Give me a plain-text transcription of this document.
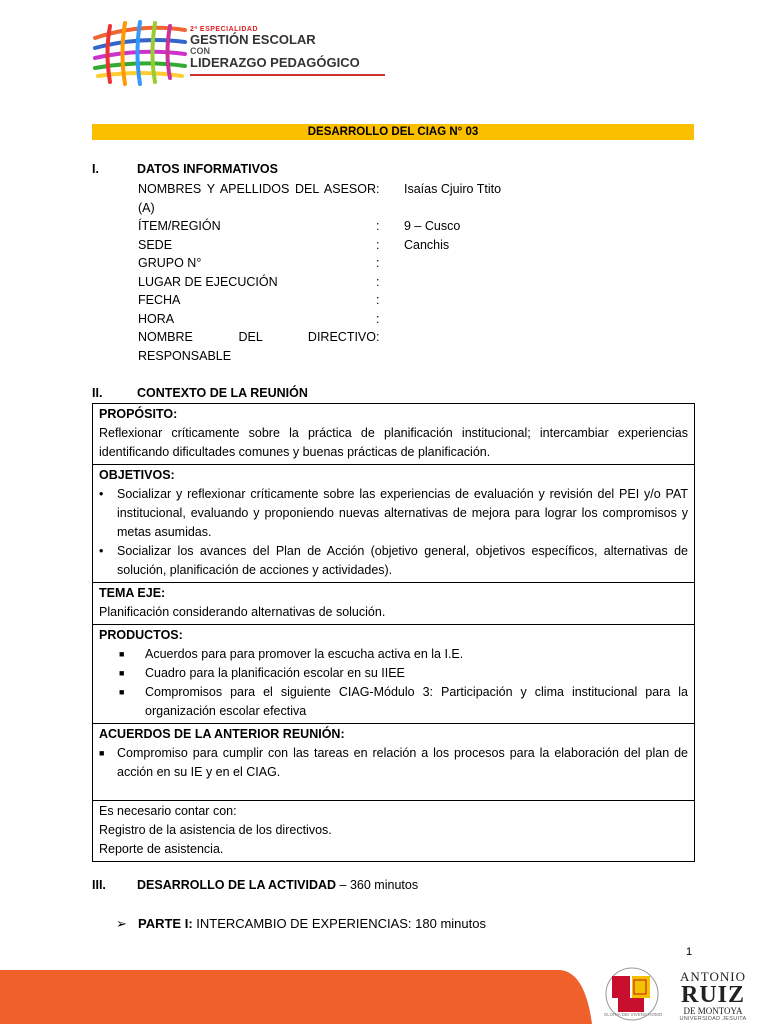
2ª ESPECIALIDAD
GESTIÓN ESCOLAR
CON
LIDERAZGO PEDAGÓGICO
DESARROLLO DEL CIAG N° 03
I.	DATOS INFORMATIVOS
NOMBRES Y APELLIDOS DEL ASESOR (A)
:	Isaías Cjuiro Ttito
ÍTEM/REGIÓN	:	9 – Cusco
SEDE	:	Canchis
GRUPO N°	:
LUGAR DE EJECUCIÓN	:
FECHA	:
HORA	:
NOMBRE DEL DIRECTIVO RESPONSABLE
:
II.	CONTEXTO DE LA REUNIÓN
PROPÓSITO:
Reflexionar críticamente sobre la práctica de planificación institucional; intercambiar experiencias identificando dificultades comunes y buenas prácticas de planificación.
OBJETIVOS:
•	Socializar y reflexionar críticamente sobre las experiencias de evaluación y revisión del PEI y/o PAT institucional, evaluando y proponiendo nuevas alternativas de mejora para lograr los compromisos y metas asumidas.
•	Socializar los avances del Plan de Acción (objetivo general, objetivos específicos, alternativas de solución, planificación de acciones y actividades).
TEMA EJE:
Planificación considerando alternativas de solución.
PRODUCTOS:
■	Acuerdos para para promover la escucha activa en la I.E.
■	Cuadro para la planificación escolar en su IIEE
■	Compromisos para el siguiente CIAG-Módulo 3: Participación y clima institucional para la organización escolar efectiva
ACUERDOS DE LA ANTERIOR REUNIÓN:
■	Compromiso para cumplir con las tareas en relación a los procesos para la elaboración del plan de acción en su IE y en el CIAG.
Es necesario contar con:
Registro de la asistencia de los directivos.
Reporte de asistencia.
III. DESARROLLO DE LA ACTIVIDAD – 360 minutos
➢ PARTE I: INTERCAMBIO DE EXPERIENCIAS: 180 minutos
1
ANTONIO
RUIZ
DE MONTOYA
UNIVERSIDAD JESUITA
GLORIA DEI VIVENS HOMO
